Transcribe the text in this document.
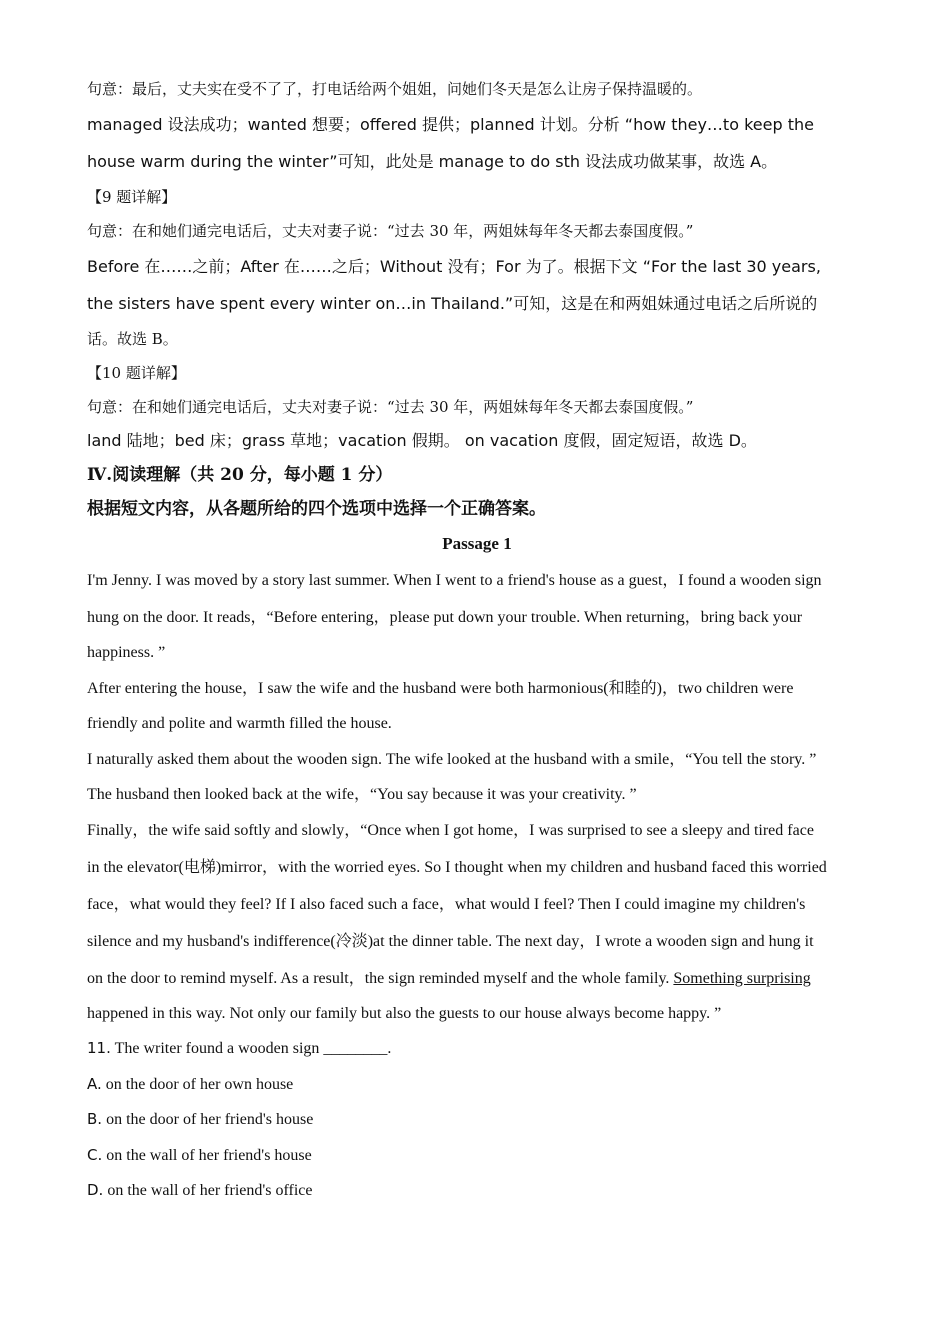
句意：最后，丈夫实在受不了了，打电话给两个姐姐，问她们冬天是怎么让房子保持温暖的。
managed 设法成功；wanted 想要；offered 提供；planned 计划。分析 “how they…to keep the
house warm during the winter”可知，此处是 manage to do sth 设法成功做某事，故选 A。
【9 题详解】
句意：在和她们通完电话后，丈夫对妻子说：“过去 30 年，两姐妹每年冬天都去泰国度假。”
Before 在……之前；After 在……之后；Without 没有；For 为了。根据下文 “For the last 30 years,
the sisters have spent every winter on…in Thailand.”可知，这是在和两姐妹通过电话之后所说的
话。故选 B。
【10 题详解】
句意：在和她们通完电话后，丈夫对妻子说：“过去 30 年，两姐妹每年冬天都去泰国度假。”
land 陆地；bed 床；grass 草地；vacation 假期。 on vacation 度假，固定短语，故选 D。
Ⅳ.阅读理解（共 20 分，每小题 1 分）
根据短文内容，从各题所给的四个选项中选择一个正确答案。
Passage 1
I'm Jenny. I was moved by a story last summer. When I went to a friend's house as a guest，I found a wooden sign
hung on the door. It reads，“Before entering，please put down your trouble. When returning，bring back your
happiness. ”
After entering the house，I saw the wife and the husband were both harmonious(和睦的)，two children were
friendly and polite and warmth filled the house.
I naturally asked them about the wooden sign. The wife looked at the husband with a smile，“You tell the story. ”
The husband then looked back at the wife，“You say because it was your creativity. ”
Finally，the wife said softly and slowly，“Once when I got home，I was surprised to see a sleepy and tired face
in the elevator(电梯)mirror，with the worried eyes. So I thought when my children and husband faced this worried
face，what would they feel? If I also faced such a face，what would I feel? Then I could imagine my children's
silence and my husband's indifference(冷淡)at the dinner table. The next day，I wrote a wooden sign and hung it
on the door to remind myself. As a result，the sign reminded myself and the whole family. Something surprising
happened in this way. Not only our family but also the guests to our house always become happy. ”
11. The writer found a wooden sign ________.
A. on the door of her own house
B. on the door of her friend's house
C. on the wall of her friend's house
D. on the wall of her friend's office
